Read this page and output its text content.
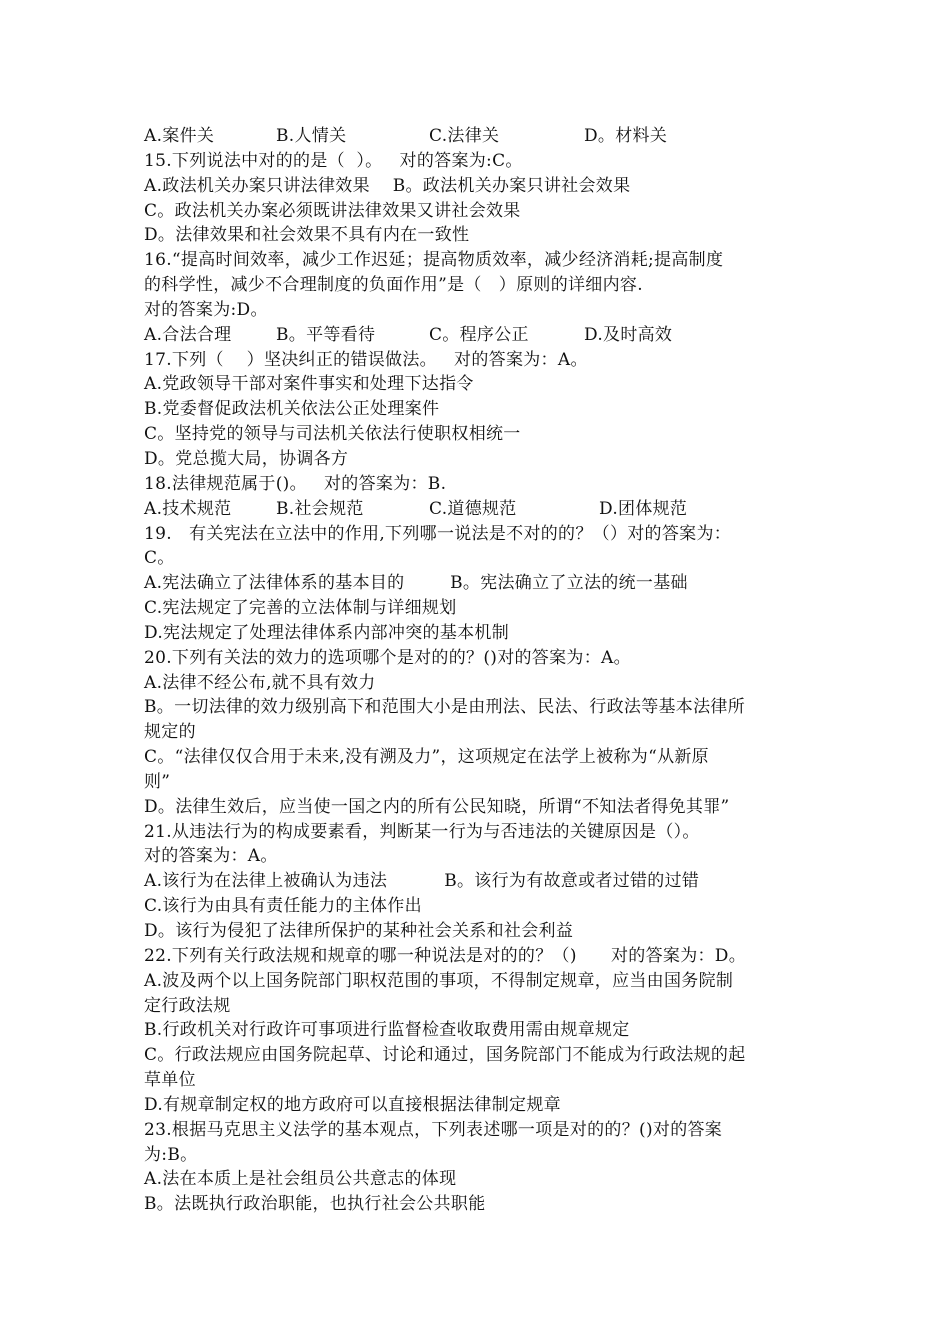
A.案件关	B.人情关	C.法律关	D。材料关
15.下列说法中对的的是（  ）。   对的答案为:C。
A.政法机关办案只讲法律效果    B。政法机关办案只讲社会效果
C。政法机关办案必须既讲法律效果又讲社会效果
D。法律效果和社会效果不具有内在一致性
16.“提高时间效率，减少工作迟延；提高物质效率，减少经济消耗;提高制度
的科学性，减少不合理制度的负面作用”是（   ）原则的详细内容.
对的答案为:D。
A.合法合理	B。平等看待	C。程序公正	D.及时高效
17.下列（    ）坚决纠正的错误做法。   对的答案为：A。
A.党政领导干部对案件事实和处理下达指令
B.党委督促政法机关依法公正处理案件
C。坚持党的领导与司法机关依法行使职权相统一
D。党总揽大局，协调各方
18.法律规范属于()。   对的答案为：B.
A.技术规范	B.社会规范	C.道德规范	D.团体规范
19.   有关宪法在立法中的作用,下列哪一说法是不对的的？（）对的答案为：
C。
A.宪法确立了法律体系的基本目的        B。宪法确立了立法的统一基础
C.宪法规定了完善的立法体制与详细规划
D.宪法规定了处理法律体系内部冲突的基本机制
20.下列有关法的效力的选项哪个是对的的？()对的答案为：A。
A.法律不经公布,就不具有效力
B。一切法律的效力级别高下和范围大小是由刑法、民法、行政法等基本法律所
规定的
C。“法律仅仅合用于未来,没有溯及力”，这项规定在法学上被称为“从新原
则”
D。法律生效后，应当使一国之内的所有公民知晓，所谓“不知法者得免其罪”
21.从违法行为的构成要素看，判断某一行为与否违法的关键原因是（）。
对的答案为：A。
A.该行为在法律上被确认为违法          B。该行为有故意或者过错的过错
C.该行为由具有责任能力的主体作出
D。该行为侵犯了法律所保护的某种社会关系和社会利益
22.下列有关行政法规和规章的哪一种说法是对的的？（)      对的答案为：D。
A.波及两个以上国务院部门职权范围的事项，不得制定规章，应当由国务院制
定行政法规
B.行政机关对行政许可事项进行监督检查收取费用需由规章规定
C。行政法规应由国务院起草、讨论和通过，国务院部门不能成为行政法规的起
草单位
D.有规章制定权的地方政府可以直接根据法律制定规章
23.根据马克思主义法学的基本观点，下列表述哪一项是对的的？()对的答案
为:B。
A.法在本质上是社会组员公共意志的体现
B。法既执行政治职能，也执行社会公共职能
